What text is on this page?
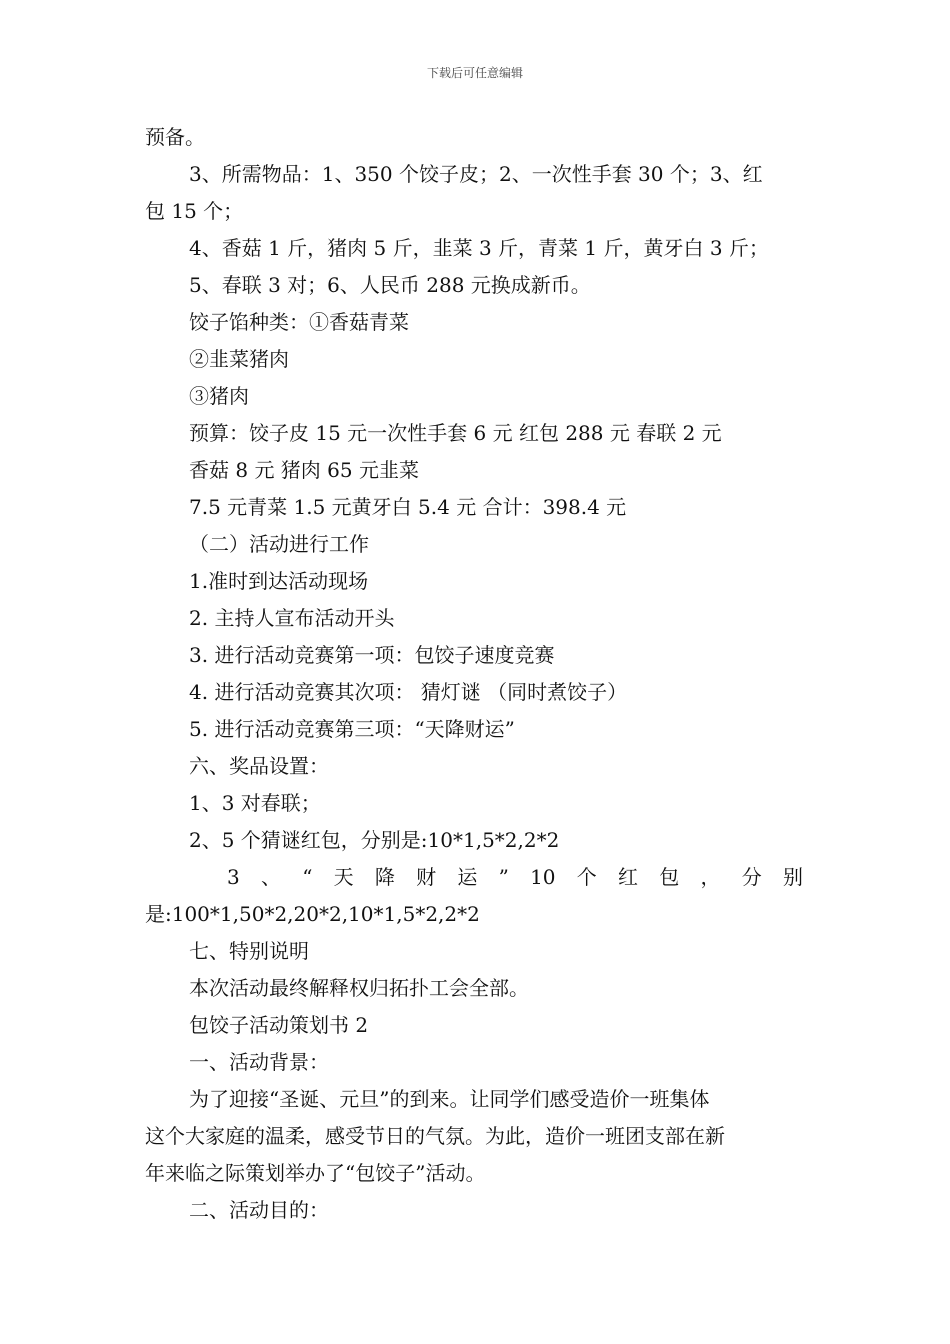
下载后可任意编辑
预备。
3、所需物品：1、350 个饺子皮；2、一次性手套 30 个；3、红
包 15 个；
4、香菇 1 斤，猪肉 5 斤，韭菜 3 斤，青菜 1 斤，黄牙白 3 斤；
5、春联 3 对；6、人民币 288 元换成新币。
饺子馅种类：①香菇青菜
②韭菜猪肉
③猪肉
预算：饺子皮 15 元一次性手套 6 元 红包 288 元 春联 2 元
香菇 8 元 猪肉 65 元韭菜
7.5 元青菜 1.5 元黄牙白 5.4 元 合计：398.4 元
（二）活动进行工作
1.准时到达活动现场
2. 主持人宣布活动开头
3. 进行活动竞赛第一项：包饺子速度竞赛
4. 进行活动竞赛其次项： 猜灯谜 （同时煮饺子）
5. 进行活动竞赛第三项：“天降财运”
六、奖品设置：
1、3 对春联；
2、5 个猜谜红包，分别是:10*1,5*2,2*2
3 、 “ 天 降 财 运 ” 10 个 红 包 ， 分 别
是:100*1,50*2,20*2,10*1,5*2,2*2
七、特别说明
本次活动最终解释权归拓扑工会全部。
包饺子活动策划书 2
一、活动背景：
为了迎接“圣诞、元旦”的到来。让同学们感受造价一班集体
这个大家庭的温柔，感受节日的气氛。为此，造价一班团支部在新
年来临之际策划举办了“包饺子”活动。
二、活动目的：
